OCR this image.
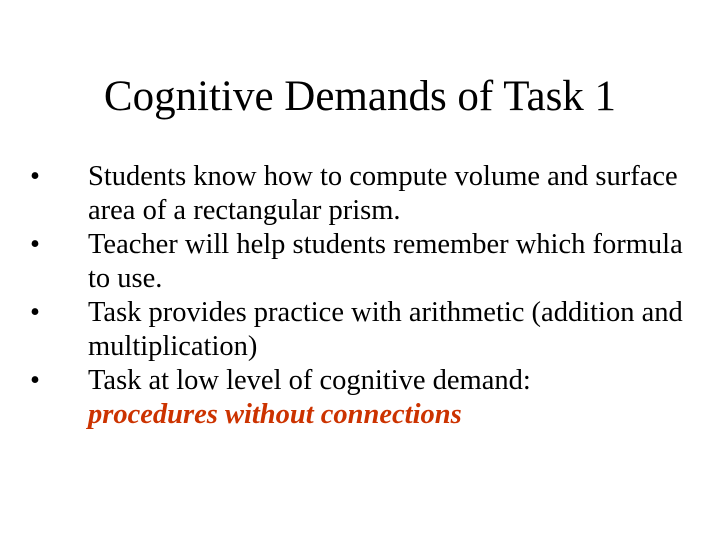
Cognitive Demands of Task 1
•	Students know how to compute volume and surface area of a rectangular prism.
•	Teacher will help students remember which formula to use.
•	Task provides practice with arithmetic (addition and multiplication)
•	Task at low level of cognitive demand:
procedures without connections
